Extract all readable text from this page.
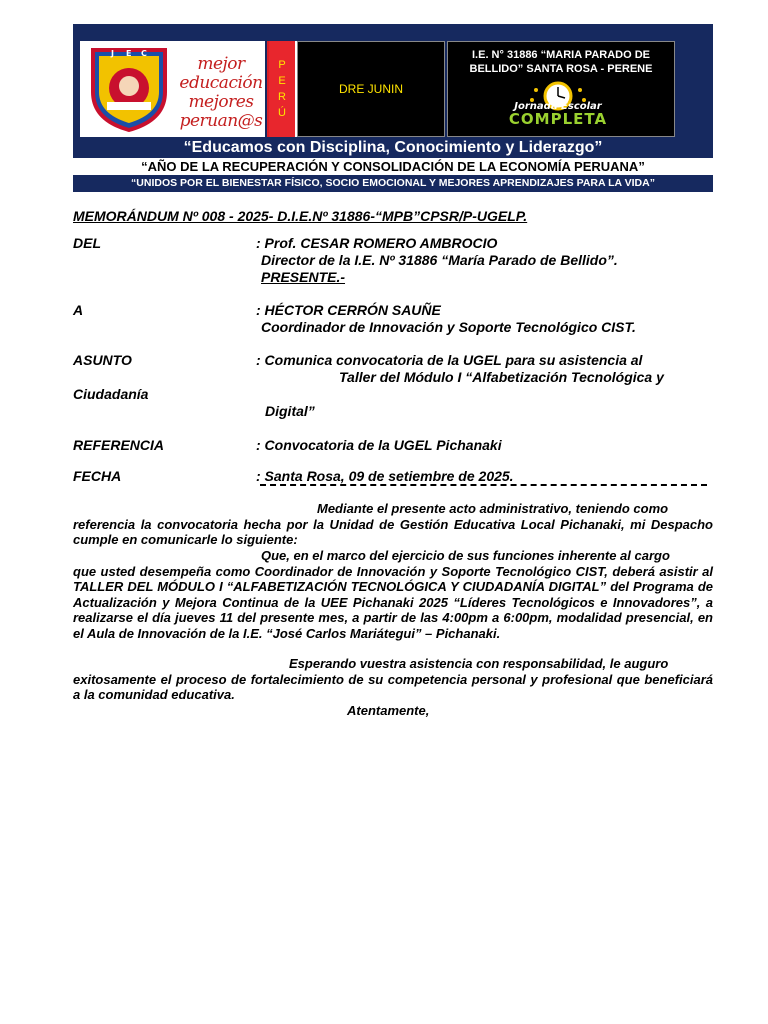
J E C
mejor
educación
mejores
peruan@s
P
E
R
Ú
DRE JUNIN
I.E. N° 31886 “MARIA PARADO DE
BELLIDO” SANTA ROSA - PERENE
Jornada Escolar
COMPLETA
“Educamos con Disciplina, Conocimiento y Liderazgo”
“AÑO DE LA RECUPERACIÓN Y CONSOLIDACIÓN DE LA ECONOMÍA PERUANA”
“UNIDOS POR EL BIENESTAR FÍSICO, SOCIO EMOCIONAL Y MEJORES APRENDIZAJES PARA LA VIDA”
MEMORÁNDUM Nº 008 - 2025- D.I.E.Nº 31886-“MPB”CPSR/P-UGELP.
DEL	: Prof. CESAR ROMERO AMBROCIO
Director de la I.E. Nº 31886 “María Parado de Bellido”.
PRESENTE.-
A	: HÉCTOR CERRÓN SAUÑE
Coordinador de Innovación y Soporte Tecnológico CIST.
ASUNTO	: Comunica convocatoria de la UGEL para su asistencia al
Taller del Módulo I “Alfabetización Tecnológica y
Ciudadanía
Digital”
REFERENCIA	: Convocatoria de la UGEL Pichanaki
FECHA	: Santa Rosa, 09 de setiembre de 2025.
Mediante el presente acto administrativo, teniendo como
referencia la convocatoria hecha por la Unidad de Gestión Educativa Local Pichanaki, mi Despacho cumple en comunicarle lo siguiente:
Que, en el marco del ejercicio de sus funciones inherente al cargo
que usted desempeña como Coordinador de Innovación y Soporte Tecnológico CIST, deberá asistir al TALLER DEL MÓDULO I “ALFABETIZACIÓN TECNOLÓGICA Y CIUDADANÍA DIGITAL” del Programa de Actualización y Mejora Continua de la UEE Pichanaki 2025 “Líderes Tecnológicos e Innovadores”, a realizarse el día jueves 11 del presente mes, a partir de las 4:00pm a 6:00pm, modalidad presencial, en el Aula de Innovación de la I.E. “José Carlos Mariátegui” – Pichanaki.
Esperando vuestra asistencia con responsabilidad, le auguro
exitosamente el proceso de fortalecimiento de su competencia personal y profesional que beneficiará a la comunidad educativa.
Atentamente,
